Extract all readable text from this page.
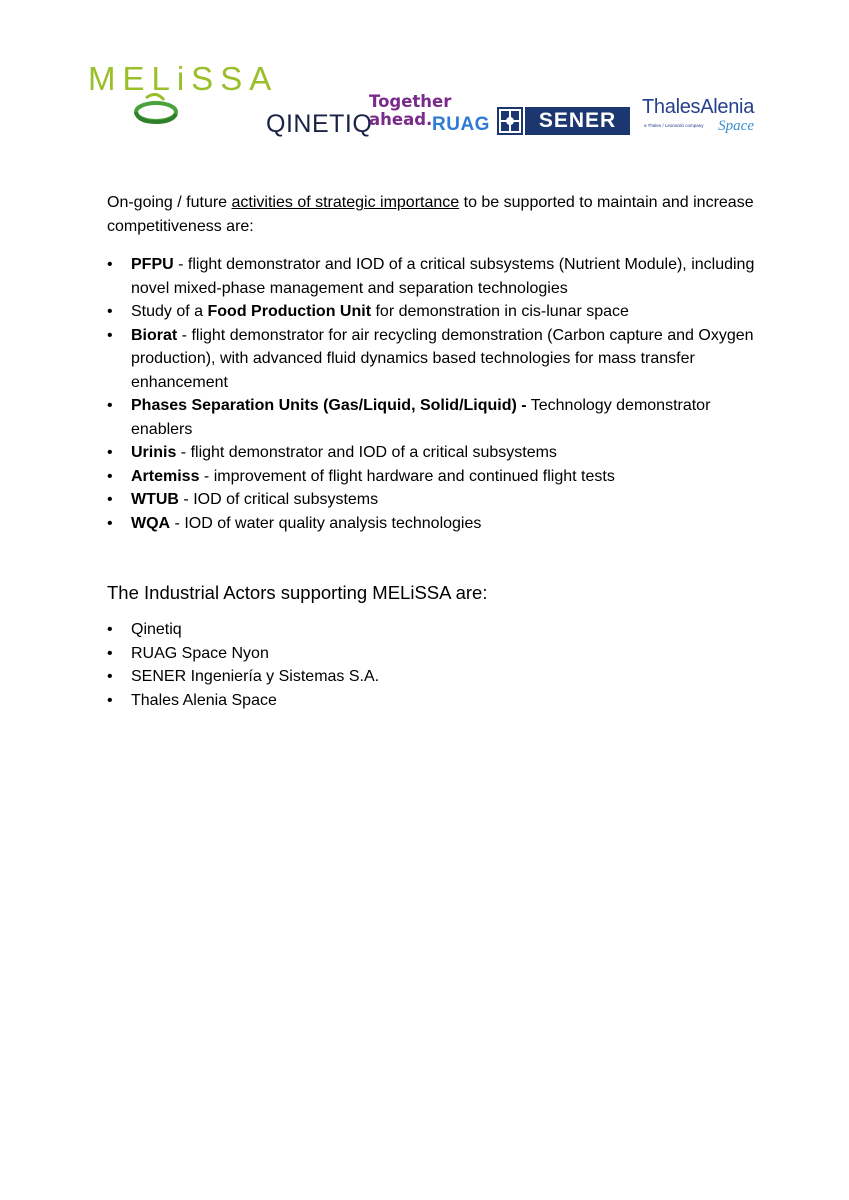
MELiSSA
QINETIQ
Together
ahead. RUAG	SENER
ThalesAlenia
a Thales / Leonardo company Space

On-going / future activities of strategic importance to be supported to maintain and increase competitiveness are:

• PFPU - flight demonstrator and IOD of a critical subsystems (Nutrient Module), including novel mixed-phase management and separation technologies
• Study of a Food Production Unit for demonstration in cis-lunar space
• Biorat - flight demonstrator for air recycling demonstration (Carbon capture and Oxygen production), with advanced fluid dynamics based technologies for mass transfer enhancement
• Phases Separation Units (Gas/Liquid, Solid/Liquid) - Technology demonstrator enablers
• Urinis - flight demonstrator and IOD of a critical subsystems
• Artemiss - improvement of flight hardware and continued flight tests
• WTUB - IOD of critical subsystems
• WQA - IOD of water quality analysis technologies
The Industrial Actors supporting MELiSSA are:
• Qinetiq
• RUAG Space Nyon
• SENER Ingeniería y Sistemas S.A.
• Thales Alenia Space
